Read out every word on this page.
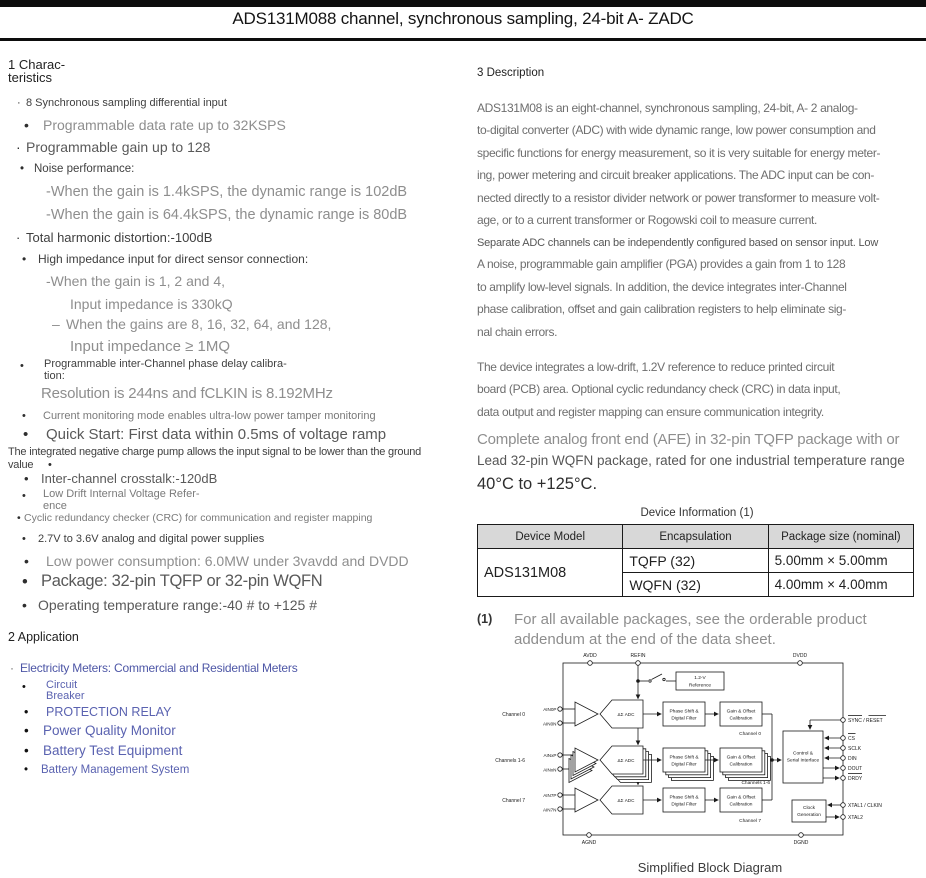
ADS131M088 channel, synchronous sampling, 24-bit A- ZADC
1 Charac-
teristics
· 8 Synchronous sampling differential input
• Programmable data rate up to 32KSPS
· Programmable gain up to 128
• Noise performance:
-When the gain is 1.4kSPS, the dynamic range is 102dB
-When the gain is 64.4kSPS, the dynamic range is 80dB
· Total harmonic distortion:-100dB
• High impedance input for direct sensor connection:
-When the gain is 1, 2 and 4,
Input impedance is 330kQ
– When the gains are 8, 16, 32, 64, and 128,
Input impedance ≥ 1MQ
• Programmable inter-Channel phase delay calibra-
tion:
Resolution is 244ns and fCLKIN is 8.192MHz
• Current monitoring mode enables ultra-low power tamper monitoring
• Quick Start: First data within 0.5ms of voltage ramp
• The integrated negative charge pump allows the input signal to be lower than the ground
value
• Inter-channel crosstalk:-120dB
• Low Drift Internal Voltage Refer-
ence
• Cyclic redundancy checker (CRC) for communication and register mapping
• 2.7V to 3.6V analog and digital power supplies
• Low power consumption: 6.0MW under 3vavdd and DVDD
• Package: 32-pin TQFP or 32-pin WQFN
• Operating temperature range:-40 # to +125 #
2 Application
· Electricity Meters: Commercial and Residential Meters
• Circuit
Breaker
• PROTECTION RELAY
• Power Quality Monitor
• Battery Test Equipment
• Battery Management System
3 Description

ADS131M08 is an eight-channel, synchronous sampling, 24-bit, A- 2 analog-
to-digital converter (ADC) with wide dynamic range, low power consumption and
specific functions for energy measurement, so it is very suitable for energy meter-
ing, power metering and circuit breaker applications. The ADC input can be con-
nected directly to a resistor divider network or power transformer to measure volt-
age, or to a current transformer or Rogowski coil to measure current.

Separate ADC channels can be independently configured based on sensor input. Low
A noise, programmable gain amplifier (PGA) provides a gain from 1 to 128
to amplify low-level signals. In addition, the device integrates inter-Channel
phase calibration, offset and gain calibration registers to help eliminate sig-
nal chain errors.

The device integrates a low-drift, 1.2V reference to reduce printed circuit
board (PCB) area. Optional cyclic redundancy check (CRC) in data input,
data output and register mapping can ensure communication integrity.

Complete analog front end (AFE) in 32-pin TQFP package with or
Lead 32-pin WQFN package, rated for one industrial temperature range
40°C to +125°C.
Device Information (1)
Device Model	Encapsulation	Package size (nominal)
ADS131M08	TQFP (32)	5.00mm × 5.00mm
	WQFN (32)	4.00mm × 4.00mm
(1)	For all available packages, see the orderable product
addendum at the end of the data sheet.
AVDD	REFIN	DVDD
1.2-V
Reference
Channel 0
AIN0P
AIN0N
Channels 1-6
AINxP
AINxN
Channel 7
AIN7P
AIN7N
ΔΣ ADC
ΔΣ ADC
ΔΣ ADC
Phase Shift &
Digital Filter
Phase Shift &
Digital Filter
Phase Shift &
Digital Filter
Gain & Offset
Calibration
Gain & Offset
Calibration
Gain & Offset
Calibration
Channel 0
Channels 1-6
Channel 7
Control &
Serial Interface
Clock
Generation
SYNC / RESET
CS
SCLK
DIN
DOUT
DRDY
XTAL1 / CLKIN
XTAL2
AGND	DGND
Simplified Block Diagram
